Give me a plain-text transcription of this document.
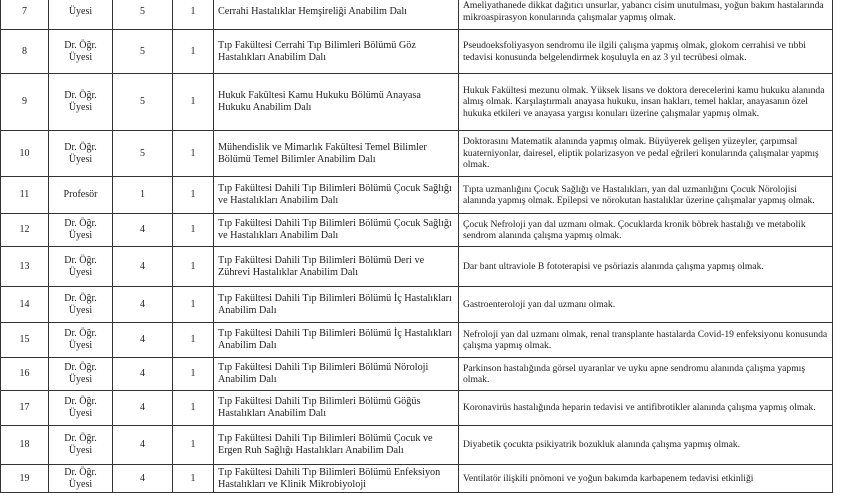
7	Üyesi	5	1	Cerrahi Hastalıklar Hemşireliği Anabilim Dalı	Ameliyathanede dikkat dağıtıcı unsurlar, yabancı cisim unutulması, yoğun bakım hastalarında mikroaspirasyon konularında çalışmalar yapmış olmak.
8	Dr. Öğr. Üyesi	5	1	Tıp Fakültesi Cerrahi Tıp Bilimleri Bölümü Göz Hastalıkları Anabilim Dalı	Pseudoeksfoliyasyon sendromu ile ilgili çalışma yapmış olmak, glokom cerrahisi ve tıbbi tedavisi konusunda belgelendirmek koşuluyla en az 3 yıl tecrübesi olmak.
9	Dr. Öğr. Üyesi	5	1	Hukuk Fakültesi Kamu Hukuku Bölümü Anayasa Hukuku Anabilim Dalı	Hukuk Fakültesi mezunu olmak. Yüksek lisans ve doktora derecelerini kamu hukuku alanında almış olmak. Karşılaştırmalı anayasa hukuku, insan hakları, temel haklar, anayasanın özel hukuka etkileri ve anayasa yargısı konuları üzerine çalışmalar yapmış olmak.
10	Dr. Öğr. Üyesi	5	1	Mühendislik ve Mimarlık Fakültesi Temel Bilimler Bölümü Temel Bilimler Anabilim Dalı	Doktorasını Matematik alanında yapmış olmak. Büyüyerek gelişen yüzeyler, çarpımsal kuaterniyonlar, dairesel, eliptik polarizasyon ve pedal eğrileri konularında çalışmalar yapmış olmak.
11	Profesör	1	1	Tıp Fakültesi Dahili Tıp Bilimleri Bölümü Çocuk Sağlığı ve Hastalıkları Anabilim Dalı	Tıpta uzmanlığını Çocuk Sağlığı ve Hastalıkları, yan dal uzmanlığını Çocuk Nörolojisi alanında yapmış olmak. Epilepsi ve nörokutan hastalıklar üzerine çalışmalar yapmış olmak.
12	Dr. Öğr. Üyesi	4	1	Tıp Fakültesi Dahili Tıp Bilimleri Bölümü Çocuk Sağlığı ve Hastalıkları Anabilim Dalı	Çocuk Nefroloji yan dal uzmanı olmak. Çocuklarda kronik böbrek hastalığı ve metabolik sendrom alanında çalışma yapmış olmak.
13	Dr. Öğr. Üyesi	4	1	Tıp Fakültesi Dahili Tıp Bilimleri Bölümü Deri ve Zührevi Hastalıklar Anabilim Dalı	Dar bant ultraviole B fototerapisi ve psöriazis alanında çalışma yapmış olmak.
14	Dr. Öğr. Üyesi	4	1	Tıp Fakültesi Dahili Tıp Bilimleri Bölümü İç Hastalıkları Anabilim Dalı	Gastroenteroloji yan dal uzmanı olmak.
15	Dr. Öğr. Üyesi	4	1	Tıp Fakültesi Dahili Tıp Bilimleri Bölümü İç Hastalıkları Anabilim Dalı	Nefroloji yan dal uzmanı olmak, renal transplante hastalarda Covid-19 enfeksiyonu konusunda çalışma yapmış olmak.
16	Dr. Öğr. Üyesi	4	1	Tıp Fakültesi Dahili Tıp Bilimleri Bölümü Nöroloji Anabilim Dalı	Parkinson hastalığında görsel uyaranlar ve uyku apne sendromu alanında çalışma yapmış olmak.
17	Dr. Öğr. Üyesi	4	1	Tıp Fakültesi Dahili Tıp Bilimleri Bölümü Göğüs Hastalıkları Anabilim Dalı	Koronavirüs hastalığında heparin tedavisi ve antifibrotikler alanında çalışma yapmış olmak.
18	Dr. Öğr. Üyesi	4	1	Tıp Fakültesi Dahili Tıp Bilimleri Bölümü Çocuk ve Ergen Ruh Sağlığı Hastalıkları Anabilim Dalı	Diyabetik çocukta psikiyatrik bozukluk alanında çalışma yapmış olmak.
19	Dr. Öğr. Üyesi	4	1	Tıp Fakültesi Dahili Tıp Bilimleri Bölümü Enfeksiyon Hastalıkları ve Klinik Mikrobiyoloji	Ventilatör ilişkili pnömoni ve yoğun bakımda karbapenem tedavisi etkinliği
